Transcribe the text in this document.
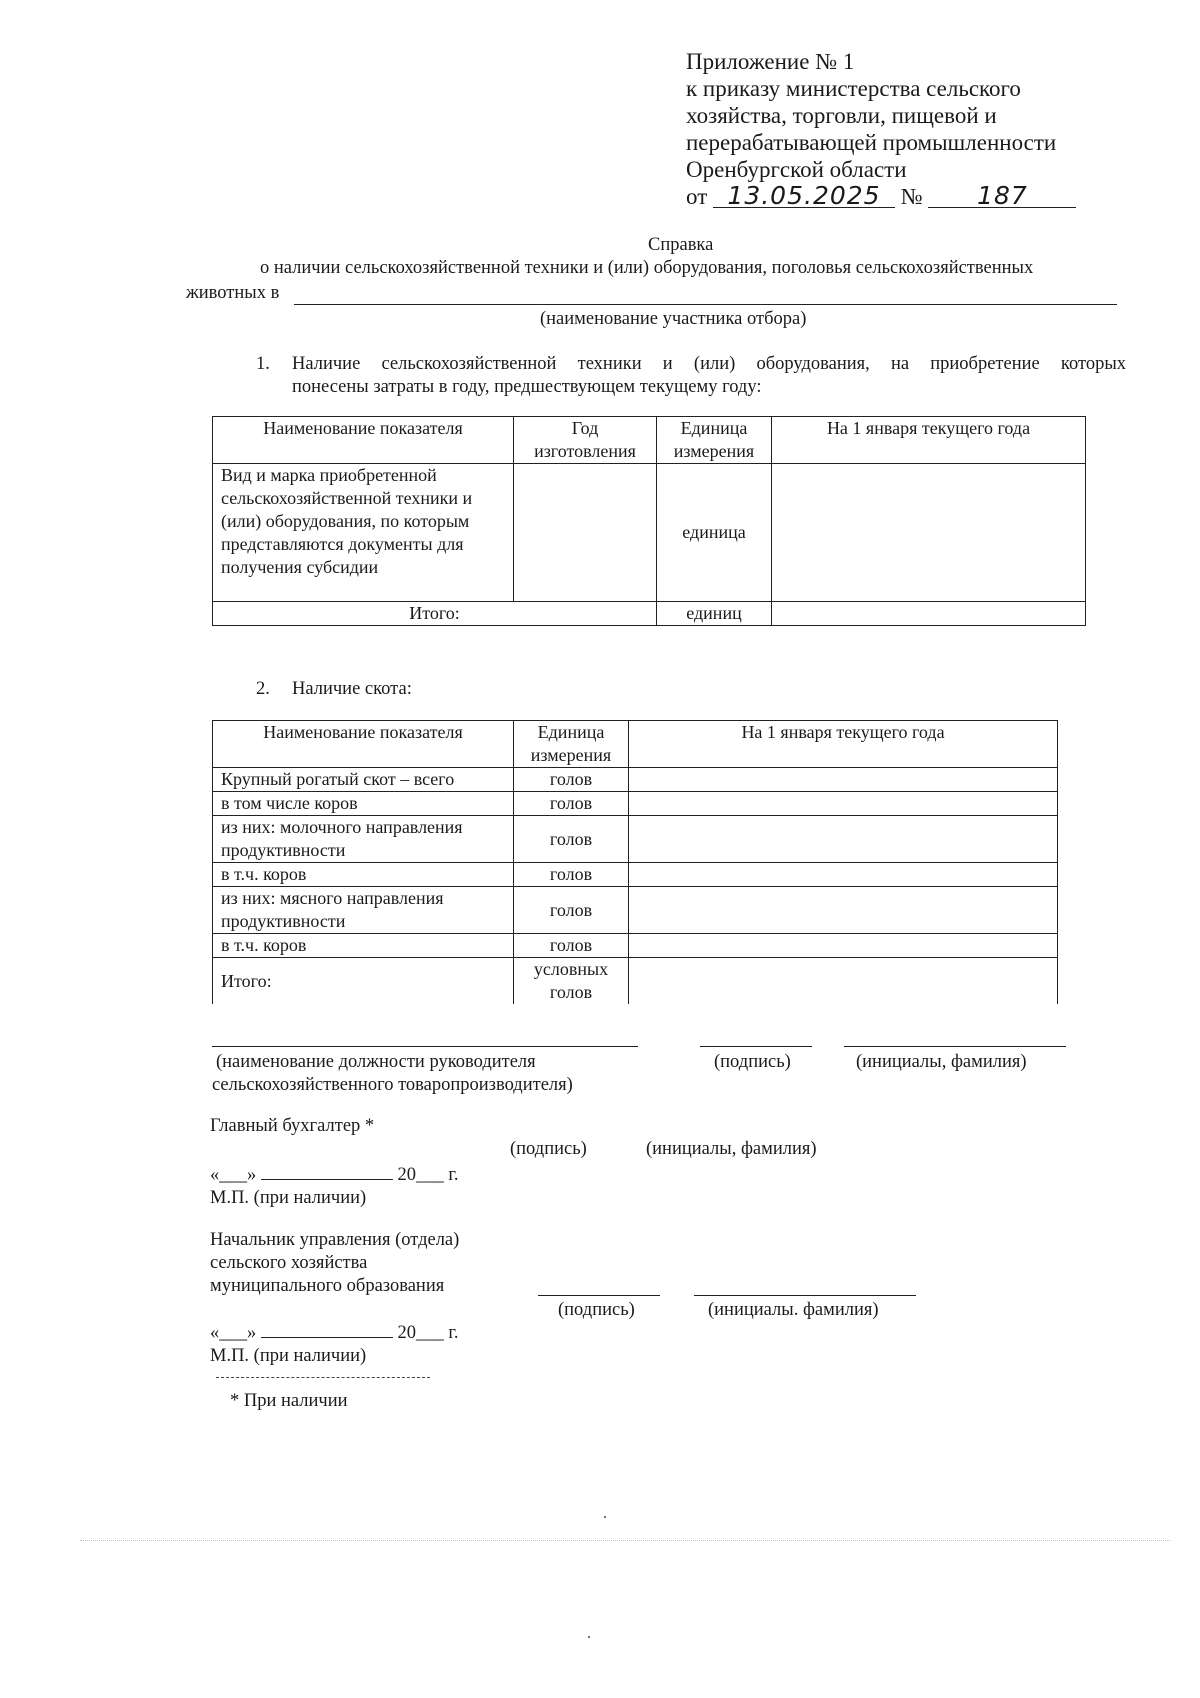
Приложение № 1
к приказу министерства сельского
хозяйства, торговли, пищевой и
перерабатывающей промышленности
Оренбургской области
от 13.05.2025 № 187
Справка
о наличии сельскохозяйственной техники и (или) оборудования, поголовья сельскохозяйственных
животных в
(наименование участника отбора)
1. Наличие сельскохозяйственной техники и (или) оборудования, на приобретение которых
понесены затраты в году, предшествующем текущему году:
Наименование показателя	Год изготовления	Единица измерения	На 1 января текущего года
Вид и марка приобретенной сельскохозяйственной техники и (или) оборудования, по которым представляются документы для получения субсидии		единица	
Итого:		единиц	
2. Наличие скота:
Наименование показателя	Единица измерения	На 1 января текущего года
Крупный рогатый скот – всего	голов	
в том числе коров	голов	
из них: молочного направления продуктивности	голов	
в т.ч. коров	голов	
из них: мясного направления продуктивности	голов	
в т.ч. коров	голов	
Итого:	условных голов	
(наименование должности руководителя
сельскохозяйственного товаропроизводителя)
(подпись)	(инициалы, фамилия)
Главный бухгалтер *
(подпись)	(инициалы, фамилия)
«___»	20___ г.
М.П. (при наличии)
Начальник управления (отдела)
сельского хозяйства
муниципального образования
(подпись)	(инициалы. фамилия)
«___»	20___ г.
М.П. (при наличии)
* При наличии
